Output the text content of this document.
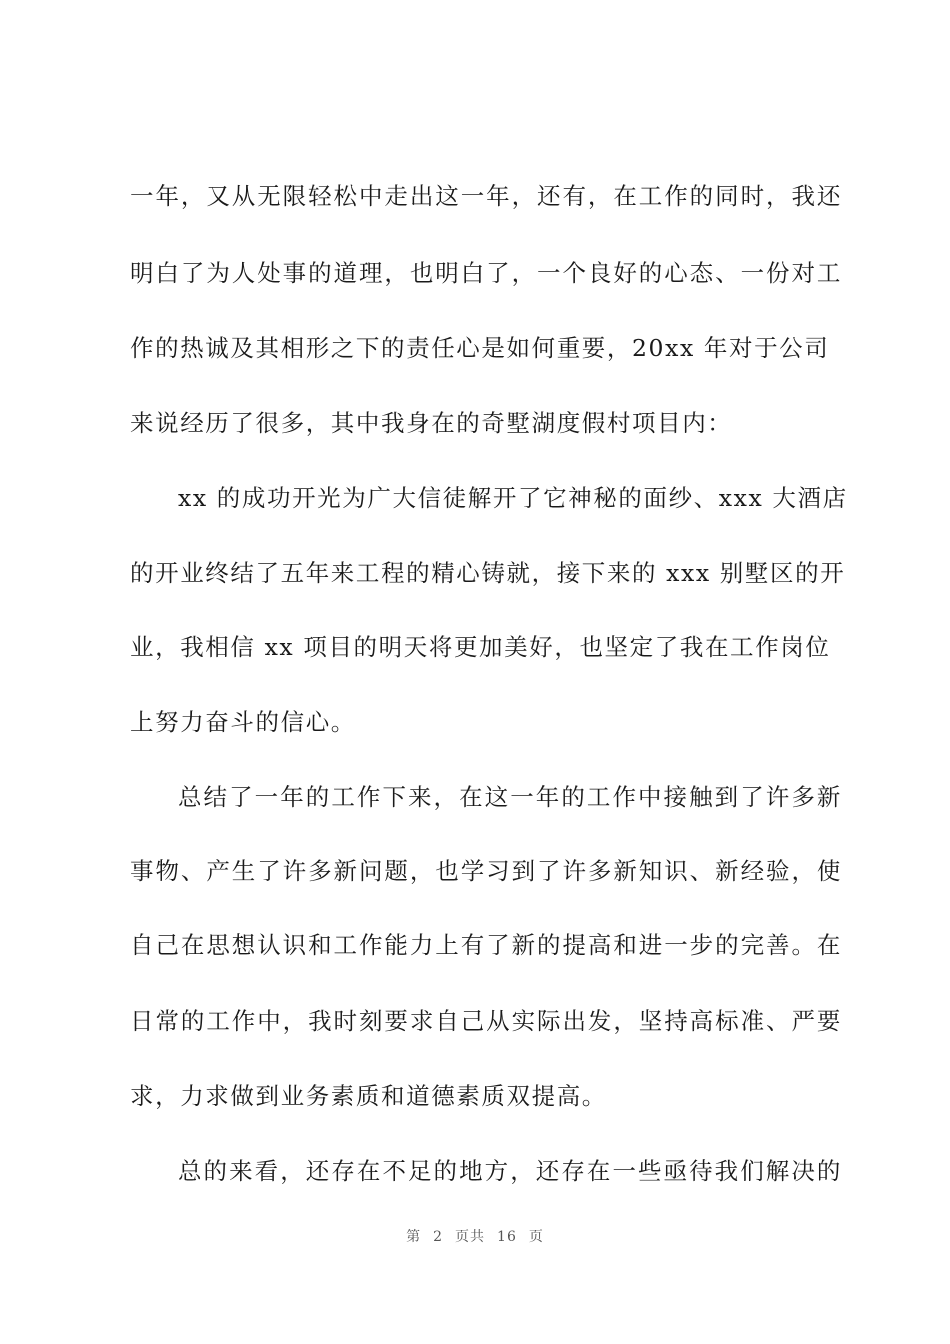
一年，又从无限轻松中走出这一年，还有，在工作的同时，我还
明白了为人处事的道理，也明白了，一个良好的心态、一份对工
作的热诚及其相形之下的责任心是如何重要，20xx 年对于公司
来说经历了很多，其中我身在的奇墅湖度假村项目内：
xx 的成功开光为广大信徒解开了它神秘的面纱、xxx 大酒店
的开业终结了五年来工程的精心铸就，接下来的 xxx 别墅区的开
业，我相信 xx 项目的明天将更加美好，也坚定了我在工作岗位
上努力奋斗的信心。
总结了一年的工作下来，在这一年的工作中接触到了许多新
事物、产生了许多新问题，也学习到了许多新知识、新经验，使
自己在思想认识和工作能力上有了新的提高和进一步的完善。在
日常的工作中，我时刻要求自己从实际出发，坚持高标准、严要
求，力求做到业务素质和道德素质双提高。
总的来看，还存在不足的地方，还存在一些亟待我们解决的
第 2 页共 16 页
